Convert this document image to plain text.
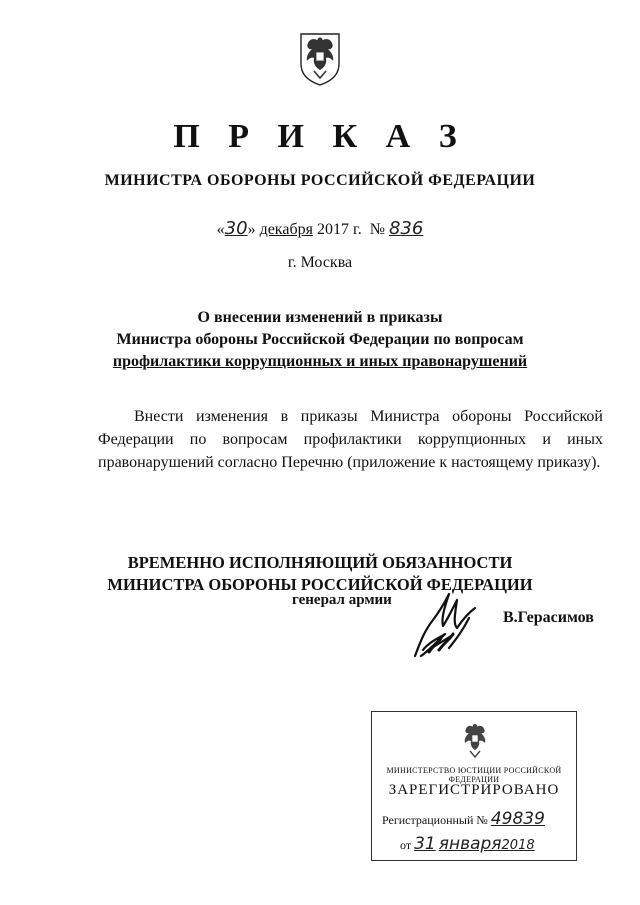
П Р И К А З
МИНИСТРА ОБОРОНЫ РОССИЙСКОЙ ФЕДЕРАЦИИ
«30» декабря 2017 г. № 836
г. Москва
О внесении изменений в приказы
Министра обороны Российской Федерации по вопросам
профилактики коррупционных и иных правонарушений
Внести изменения в приказы Министра обороны Российской Федерации по вопросам профилактики коррупционных и иных правонарушений согласно Перечню (приложение к настоящему приказу).
ВРЕМЕННО ИСПОЛНЯЮЩИЙ ОБЯЗАННОСТИ
МИНИСТРА ОБОРОНЫ РОССИЙСКОЙ ФЕДЕРАЦИИ
генерал армии
В.Герасимов
МИНИСТЕРСТВО ЮСТИЦИИ РОССИЙСКОЙ ФЕДЕРАЦИИ
ЗАРЕГИСТРИРОВАНО
Регистрационный № 49839
от 31 января2018
